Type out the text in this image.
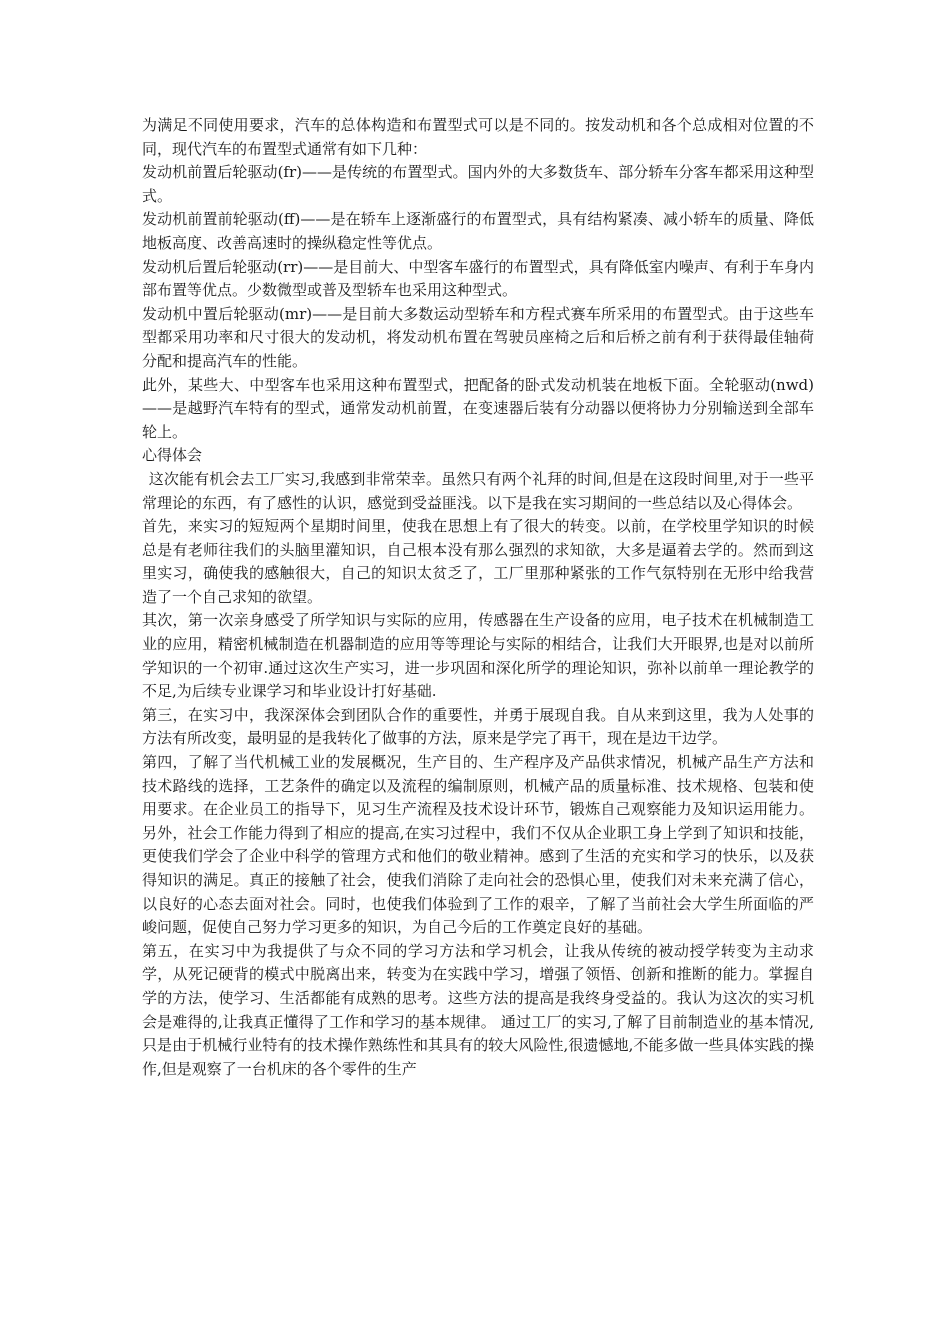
为满足不同使用要求，汽车的总体构造和布置型式可以是不同的。按发动机和各个总成相对位置的不同，现代汽车的布置型式通常有如下几种：

发动机前置后轮驱动(fr)——是传统的布置型式。国内外的大多数货车、部分轿车分客车都采用这种型式。

发动机前置前轮驱动(ff)——是在轿车上逐渐盛行的布置型式，具有结构紧凑、减小轿车的质量、降低地板高度、改善高速时的操纵稳定性等优点。

发动机后置后轮驱动(rr)——是目前大、中型客车盛行的布置型式，具有降低室内噪声、有利于车身内部布置等优点。少数微型或普及型轿车也采用这种型式。

发动机中置后轮驱动(mr)——是目前大多数运动型轿车和方程式赛车所采用的布置型式。由于这些车型都采用功率和尺寸很大的发动机，将发动机布置在驾驶员座椅之后和后桥之前有利于获得最佳轴荷分配和提高汽车的性能。

此外，某些大、中型客车也采用这种布置型式，把配备的卧式发动机装在地板下面。全轮驱动(nwd)——是越野汽车特有的型式，通常发动机前置，在变速器后装有分动器以便将协力分别输送到全部车轮上。

心得体会

这次能有机会去工厂实习,我感到非常荣幸。虽然只有两个礼拜的时间,但是在这段时间里,对于一些平常理论的东西，有了感性的认识，感觉到受益匪浅。以下是我在实习期间的一些总结以及心得体会。

首先，来实习的短短两个星期时间里，使我在思想上有了很大的转变。以前，在学校里学知识的时候总是有老师往我们的头脑里灌知识，自己根本没有那么强烈的求知欲，大多是逼着去学的。然而到这里实习，确使我的感触很大，自己的知识太贫乏了，工厂里那种紧张的工作气氛特别在无形中给我营造了一个自己求知的欲望。

其次，第一次亲身感受了所学知识与实际的应用，传感器在生产设备的应用，电子技术在机械制造工业的应用，精密机械制造在机器制造的应用等等理论与实际的相结合，让我们大开眼界,也是对以前所学知识的一个初审.通过这次生产实习，进一步巩固和深化所学的理论知识，弥补以前单一理论教学的不足,为后续专业课学习和毕业设计打好基础.

第三，在实习中，我深深体会到团队合作的重要性，并勇于展现自我。自从来到这里，我为人处事的方法有所改变，最明显的是我转化了做事的方法，原来是学完了再干，现在是边干边学。

第四，了解了当代机械工业的发展概况，生产目的、生产程序及产品供求情况，机械产品生产方法和技术路线的选择，工艺条件的确定以及流程的编制原则，机械产品的质量标准、技术规格、包装和使用要求。在企业员工的指导下，见习生产流程及技术设计环节，锻炼自己观察能力及知识运用能力。另外，社会工作能力得到了相应的提高,在实习过程中，我们不仅从企业职工身上学到了知识和技能，更使我们学会了企业中科学的管理方式和他们的敬业精神。感到了生活的充实和学习的快乐，以及获得知识的满足。真正的接触了社会，使我们消除了走向社会的恐惧心里，使我们对未来充满了信心，以良好的心态去面对社会。同时，也使我们体验到了工作的艰辛，了解了当前社会大学生所面临的严峻问题，促使自己努力学习更多的知识，为自己今后的工作奠定良好的基础。

第五，在实习中为我提供了与众不同的学习方法和学习机会，让我从传统的被动授学转变为主动求学，从死记硬背的模式中脱离出来，转变为在实践中学习，增强了领悟、创新和推断的能力。掌握自学的方法，使学习、生活都能有成熟的思考。这些方法的提高是我终身受益的。我认为这次的实习机会是难得的,让我真正懂得了工作和学习的基本规律。 通过工厂的实习,了解了目前制造业的基本情况,只是由于机械行业特有的技术操作熟练性和其具有的较大风险性,很遗憾地,不能多做一些具体实践的操作,但是观察了一台机床的各个零件的生产
